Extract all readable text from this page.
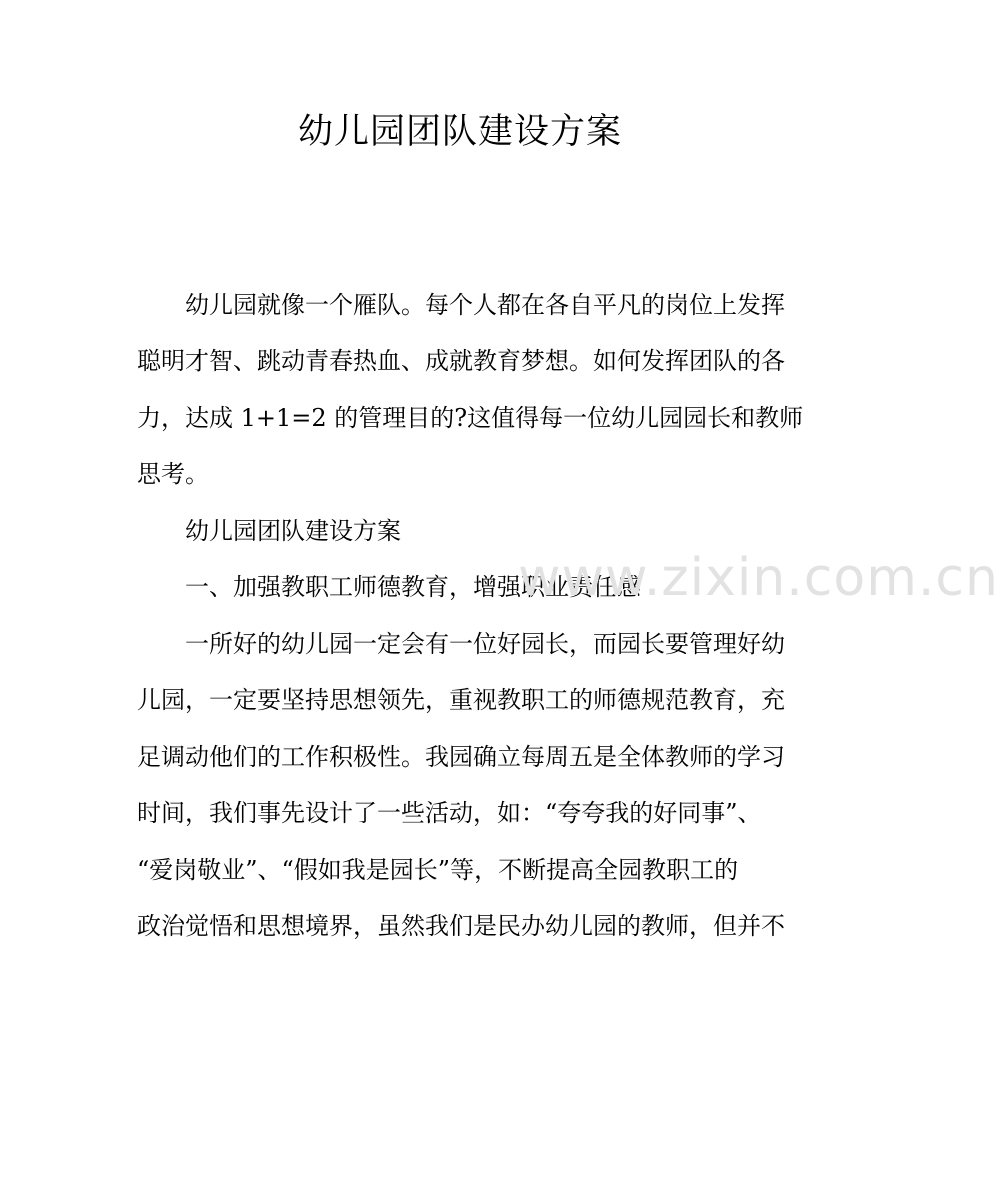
幼儿园团队建设方案
　　幼儿园就像一个雁队。每个人都在各自平凡的岗位上发挥
聪明才智、跳动青春热血、成就教育梦想。如何发挥团队的各
力，达成 1+1=2 的管理目的?这值得每一位幼儿园园长和教师
思考。
　　幼儿园团队建设方案
　　一、加强教职工师德教育，增强职业责任感
　　一所好的幼儿园一定会有一位好园长，而园长要管理好幼
儿园，一定要坚持思想领先，重视教职工的师德规范教育，充
足调动他们的工作积极性。我园确立每周五是全体教师的学习
时间，我们事先设计了一些活动，如：“夸夸我的好同事”、
“爱岗敬业”、“假如我是园长”等，不断提高全园教职工的
政治觉悟和思想境界，虽然我们是民办幼儿园的教师，但并不
www.zixin.com.cn
